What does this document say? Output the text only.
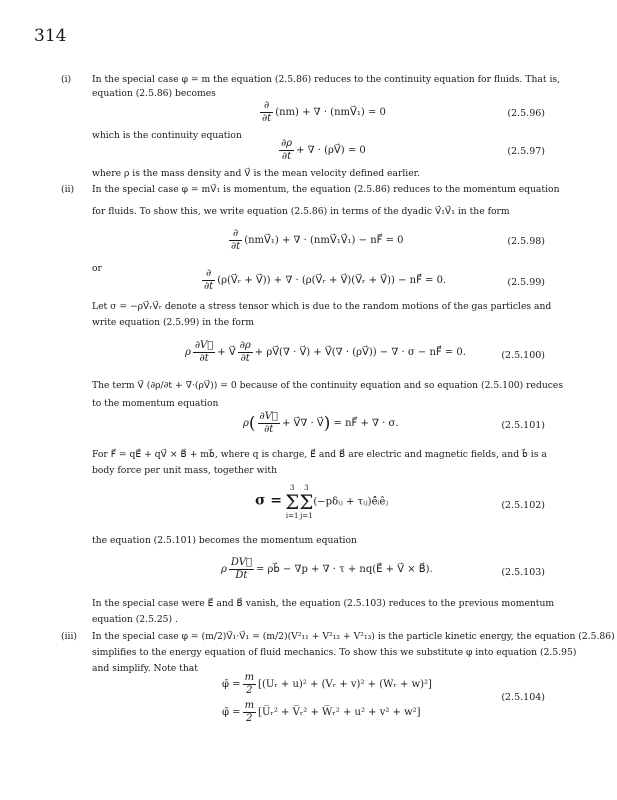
314
(i) In the special case φ = m the equation (2.5.86) reduces to the continuity equation for fluids. That is,
equation (2.5.86) becomes
$\frac{\partial}{\partial t} (nm)$ + ∇ · (nmV⃗₁) = 0	(2.5.96)
which is the continuity equation
$\frac{\partial\rho}{\partial t}$ + ∇ · (ρV⃗) = 0	(2.5.97)
where ρ is the mass density and V⃗ is the mean velocity defined earlier.
(ii) In the special case φ = mV⃗₁ is momentum, the equation (2.5.86) reduces to the momentum equation
for fluids. To show this, we write equation (2.5.86) in terms of the dyadic V⃗₁V⃗₁ in the form
$\frac{\partial}{\partial t}$ (nmV⃗₁) + ∇ · (nmV⃗₁V⃗₁) − nF⃗ = 0	(2.5.98)
or	$\frac{\partial}{\partial t}$ (ρ(V⃗ᵣ + V⃗)) + ∇ · (ρ(V⃗ᵣ + V⃗)(V⃗ᵣ + V⃗)) − nF⃗ = 0.	(2.5.99)
Let σ = −ρV⃗ᵣV⃗ᵣ denote a stress tensor which is due to the random motions of the gas particles and
write equation (2.5.99) in the form
ρ $\frac{\partial V⃗}{\partial t}$ + V⃗ $\frac{\partial\rho}{\partial t}$ + ρV⃗(∇ · V⃗) + V⃗(∇ · (ρV⃗)) − ∇ · σ − nF⃗ = 0.	(2.5.100)
The term V⃗ (∂ρ/∂t + ∇·(ρV⃗)) = 0 because of the continuity equation and so equation (2.5.100) reduces
to the momentum equation
$\rho( \frac{\partial V⃗}{\partial t}$ + V⃗∇ · V⃗) = nF⃗ + ∇ · σ.	(2.5.101)
For F⃗ = qE⃗ + qV⃗ × B⃗ + mb⃗, where q is charge, E⃗ and B⃗ are electric and magnetic fields, and b⃗ is a
body force per unit mass, together with
σ =
3
Σ
i=1
3
Σ
j=1
(−pδᵢⱼ + τᵢⱼ)ê̂ᵢêⱼ	(2.5.102)
the equation (2.5.101) becomes the momentum equation
ρ $\frac{DV⃗}{Dt}$ = ρb⃗ − ∇p + ∇ · τ + nq(E⃗ + V⃗ × B⃗).	(2.5.103)
In the special case were E⃗ and B⃗ vanish, the equation (2.5.103) reduces to the previous momentum
equation (2.5.25) .
(iii) In the special case φ = (m/2)V⃗₁·V⃗₁ = (m/2)(V²₁₁ + V²₁₂ + V²₁₃) is the particle kinetic energy, the equation (2.5.86)
simplifies to the energy equation of fluid mechanics. To show this we substitute φ into equation (2.5.95)
and simplify. Note that
φ̄ = $\frac{m}{2}$ [(Uᵣ + u)² + (Vᵣ + v)² + (Wᵣ + w)²]
φ̄ = $\frac{m}{2}$ [U̅ᵣ² + V̅ᵣ² + W̅ᵣ² + u² + v² + w²]
(2.5.104)
